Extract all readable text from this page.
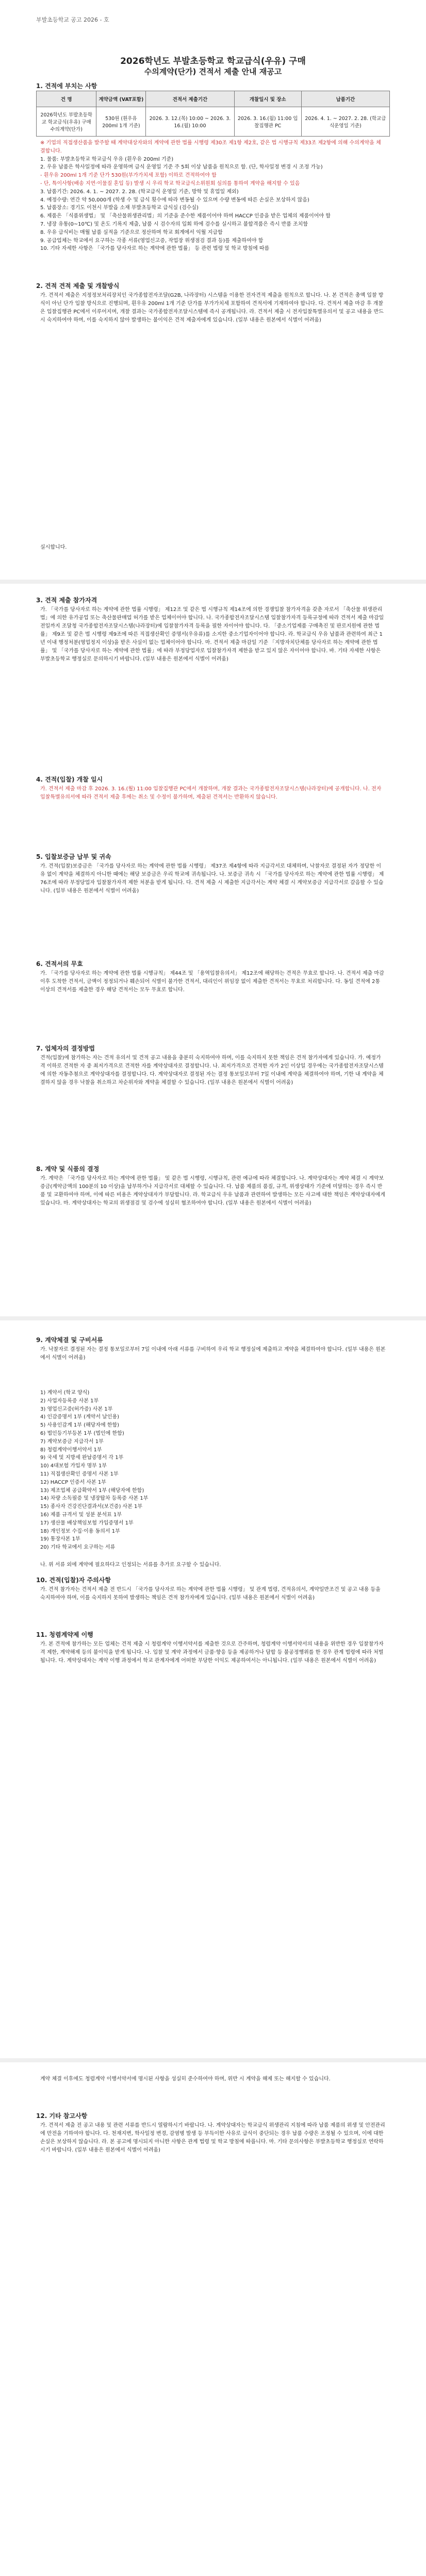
부발초등학교 공고 2026 - 호
2026학년도 부발초등학교 학교급식(우유) 구매
수의계약(단가) 견적서 제출 안내 재공고
1. 견적에 부치는 사항
건 명	계약금액 (VAT포함)	견적서 제출기간	개찰일시 및 장소	납품기간
2026학년도 부발초등학교 학교급식(우유) 구매 수의계약(단가)	530원 (흰우유200ml 1개 기준)	2026. 3. 12.(목) 10:00 ~ 2026. 3. 16.(월) 10:00	2026. 3. 16.(월) 11:00 입찰집행관 PC	2026. 4. 1. ~ 2027. 2. 28. (학교급식운영일 기준)
※ 기업의 직접생산품을 발주할 때 계약대상자와의 계약에 관한 법률 시행령 제30조 제1항 제2호, 같은 법 시행규칙 제33조 제2항에 의해 수의계약을 체결합니다.
1. 물품: 부발초등학교 학교급식 우유 (흰우유 200ml 기준)
2. 우유 납품은 학사일정에 따라 운영하며 급식 운영일 기준 주 5회 이상 납품을 원칙으로 함. (단, 학사일정 변경 시 조정 가능)
- 흰우유 200ml 1개 기준 단가 530원(부가가치세 포함) 이하로 견적하여야 함
- 단, 특이사항(배송 지연·이물질 혼입 등) 발생 시 우리 학교 학교급식소위원회 심의를 통하여 계약을 해지할 수 있음
3. 납품기간: 2026. 4. 1. ~ 2027. 2. 28. (학교급식 운영일 기준, 방학 및 휴업일 제외)
4. 예정수량: 연간 약 50,000개 (학생 수 및 급식 횟수에 따라 변동될 수 있으며 수량 변동에 따른 손실은 보상하지 않음)
5. 납품장소: 경기도 이천시 부발읍 소재 부발초등학교 급식실 (검수실)
6. 제품은 「식품위생법」 및 「축산물위생관리법」의 기준을 준수한 제품이어야 하며 HACCP 인증을 받은 업체의 제품이어야 함
7. 냉장 유통(0~10℃) 및 온도 기록지 제출, 납품 시 검수자의 입회 하에 검수를 실시하고 불합격품은 즉시 반품 조치함
8. 우유 급식비는 매월 납품 실적을 기준으로 정산하며 학교 회계에서 익월 지급함
9. 공급업체는 학교에서 요구하는 각종 서류(영업신고증, 작업장 위생점검 결과 등)를 제출하여야 함
10. 기타 자세한 사항은 「국가를 당사자로 하는 계약에 관한 법률」 등 관련 법령 및 학교 방침에 따름
2. 견적 견적 제출 및 개찰방식

가. 견적서 제출은 지정정보처리장치인 국가종합전자조달(G2B, 나라장터) 시스템을 이용한 전자견적 제출을 원칙으로 합니다. 나. 본 견적은 총액 입찰 방식이 아닌 단가 입찰 방식으로 진행되며, 흰우유 200ml 1개 기준 단가를 부가가치세 포함하여 견적서에 기재하여야 합니다. 다. 견적서 제출 마감 후 개찰은 입찰집행관 PC에서 이루어지며, 개찰 결과는 국가종합전자조달시스템에 즉시 공개됩니다. 라. 견적서 제출 시 전자입찰특별유의서 및 공고 내용을 반드시 숙지하여야 하며, 이를 숙지하지 않아 발생하는 불이익은 견적 제출자에게 있습니다. (일부 내용은 원본에서 식별이 어려움)

실시합니다.

3. 견적 제출 참가자격

가. 「국가를 당사자로 하는 계약에 관한 법률 시행령」 제12조 및 같은 법 시행규칙 제14조에 의한 경쟁입찰 참가자격을 갖춘 자로서 「축산물 위생관리법」에 의한 유가공업 또는 축산물판매업 허가를 받은 업체이어야 합니다. 나. 국가종합전자조달시스템 입찰참가자격 등록규정에 따라 견적서 제출 마감일 전일까지 조달청 국가종합전자조달시스템(나라장터)에 입찰참가자격 등록을 필한 자이어야 합니다. 다. 「중소기업제품 구매촉진 및 판로지원에 관한 법률」 제9조 및 같은 법 시행령 제9조에 따른 직접생산확인 증명서(우유류)를 소지한 중소기업자이어야 합니다. 라. 학교급식 우유 납품과 관련하여 최근 1년 이내 행정처분(영업정지 이상)을 받은 사실이 없는 업체이어야 합니다. 마. 견적서 제출 마감일 기준 「지방자치단체를 당사자로 하는 계약에 관한 법률」 및 「국가를 당사자로 하는 계약에 관한 법률」에 따라 부정당업자로 입찰참가자격 제한을 받고 있지 않은 자이어야 합니다. 바. 기타 자세한 사항은 부발초등학교 행정실로 문의하시기 바랍니다. (일부 내용은 원본에서 식별이 어려움)

4. 견적(입찰) 개찰 일시

가. 견적서 제출 마감 후 2026. 3. 16.(월) 11:00 입찰집행관 PC에서 개찰하며, 개찰 결과는 국가종합전자조달시스템(나라장터)에 공개합니다. 나. 전자입찰특별유의서에 따라 견적서 제출 후에는 취소 및 수정이 불가하며, 제출된 견적서는 반환하지 않습니다.

5. 입찰보증금 납부 및 귀속

가. 견적(입찰)보증금은 「국가를 당사자로 하는 계약에 관한 법률 시행령」 제37조 제4항에 따라 지급각서로 대체하며, 낙찰자로 결정된 자가 정당한 이유 없이 계약을 체결하지 아니한 때에는 해당 보증금은 우리 학교에 귀속됩니다. 나. 보증금 귀속 시 「국가를 당사자로 하는 계약에 관한 법률 시행령」 제76조에 따라 부정당업자 입찰참가자격 제한 처분을 받게 됩니다. 다. 견적 제출 시 제출한 지급각서는 계약 체결 시 계약보증금 지급각서로 갈음할 수 있습니다. (일부 내용은 원본에서 식별이 어려움)

6. 견적서의 무효

가. 「국가를 당사자로 하는 계약에 관한 법률 시행규칙」 제44조 및 「용역입찰유의서」 제12조에 해당하는 견적은 무효로 합니다. 나. 견적서 제출 마감 이후 도착한 견적서, 금액이 정정되거나 훼손되어 식별이 불가한 견적서, 대리인이 위임장 없이 제출한 견적서는 무효로 처리합니다. 다. 동일 견적에 2통 이상의 견적서를 제출한 경우 해당 견적서는 모두 무효로 합니다.

7. 업체자의 결정방법

견적(입찰)에 참가하는 자는 견적 유의서 및 견적 공고 내용을 충분히 숙지하여야 하며, 이를 숙지하지 못한 책임은 견적 참가자에게 있습니다. 가. 예정가격 이하로 견적한 자 중 최저가격으로 견적한 자를 계약상대자로 결정합니다. 나. 최저가격으로 견적한 자가 2인 이상일 경우에는 국가종합전자조달시스템에 의한 자동추첨으로 계약상대자를 결정합니다. 다. 계약상대자로 결정된 자는 결정 통보일로부터 7일 이내에 계약을 체결하여야 하며, 기한 내 계약을 체결하지 않을 경우 낙찰을 취소하고 차순위자와 계약을 체결할 수 있습니다. (일부 내용은 원본에서 식별이 어려움)

8. 계약 및 식품의 결정

가. 계약은 「국가를 당사자로 하는 계약에 관한 법률」 및 같은 법 시행령, 시행규칙, 관련 예규에 따라 체결합니다. 나. 계약상대자는 계약 체결 시 계약보증금(계약금액의 100분의 10 이상)을 납부하거나 지급각서로 대체할 수 있습니다. 다. 납품 제품의 품질, 규격, 위생상태가 기준에 미달하는 경우 즉시 반품 및 교환하여야 하며, 이에 따른 비용은 계약상대자가 부담합니다. 라. 학교급식 우유 납품과 관련하여 발생하는 모든 사고에 대한 책임은 계약상대자에게 있습니다. 마. 계약상대자는 학교의 위생점검 및 검수에 성실히 협조하여야 합니다. (일부 내용은 원본에서 식별이 어려움)

9. 계약체결 및 구비서류

가. 낙찰자로 결정된 자는 결정 통보일로부터 7일 이내에 아래 서류를 구비하여 우리 학교 행정실에 제출하고 계약을 체결하여야 합니다. (일부 내용은 원본에서 식별이 어려움)

1) 계약서 (학교 양식)
2) 사업자등록증 사본 1부
3) 영업신고증(허가증) 사본 1부
4) 인감증명서 1부 (계약서 날인용)
5) 사용인감계 1부 (해당자에 한함)
6) 법인등기부등본 1부 (법인에 한함)
7) 계약보증금 지급각서 1부
8) 청렴계약이행서약서 1부
9) 국세 및 지방세 완납증명서 각 1부
10) 4대보험 가입자 명부 1부
11) 직접생산확인 증명서 사본 1부
12) HACCP 인증서 사본 1부
13) 제조업체 공급확약서 1부 (해당자에 한함)
14) 차량 소독필증 및 냉장탑차 등록증 사본 1부
15) 종사자 건강진단결과서(보건증) 사본 1부
16) 제품 규격서 및 성분 분석표 1부
17) 생산물 배상책임보험 가입증명서 1부
18) 개인정보 수집·이용 동의서 1부
19) 통장사본 1부
20) 기타 학교에서 요구하는 서류

나. 위 서류 외에 계약에 필요하다고 인정되는 서류를 추가로 요구할 수 있습니다.

10. 견적(입찰)자 주의사항

가. 견적 참가자는 견적서 제출 전 반드시 「국가를 당사자로 하는 계약에 관한 법률 시행령」 및 관계 법령, 견적유의서, 계약일반조건 및 공고 내용 등을 숙지하여야 하며, 이를 숙지하지 못하여 발생하는 책임은 견적 참가자에게 있습니다. (일부 내용은 원본에서 식별이 어려움)

11. 청렴계약제 이행

가. 본 견적에 참가하는 모든 업체는 견적 제출 시 청렴계약 이행서약서를 제출한 것으로 간주하며, 청렴계약 이행서약서의 내용을 위반한 경우 입찰참가자격 제한, 계약해제 등의 불이익을 받게 됩니다. 나. 입찰 및 계약 과정에서 금품·향응 등을 제공하거나 담합 등 불공정행위를 한 경우 관계 법령에 따라 처벌됩니다. 다. 계약상대자는 계약 이행 과정에서 학교 관계자에게 어떠한 부당한 이익도 제공하여서는 아니됩니다. (일부 내용은 원본에서 식별이 어려움)

계약 체결 이후에도 청렴계약 이행서약서에 명시된 사항을 성실히 준수하여야 하며, 위반 시 계약을 해제 또는 해지할 수 있습니다.

12. 기타 참고사항

가. 견적서 제출 전 공고 내용 및 관련 서류를 반드시 열람하시기 바랍니다. 나. 계약상대자는 학교급식 위생관리 지침에 따라 납품 제품의 위생 및 안전관리에 만전을 기하여야 합니다. 다. 천재지변, 학사일정 변경, 감염병 발생 등 부득이한 사유로 급식이 중단되는 경우 납품 수량은 조정될 수 있으며, 이에 대한 손실은 보상하지 않습니다. 라. 본 공고에 명시되지 아니한 사항은 관계 법령 및 학교 방침에 따릅니다. 마. 기타 문의사항은 부발초등학교 행정실로 연락하시기 바랍니다. (일부 내용은 원본에서 식별이 어려움)
